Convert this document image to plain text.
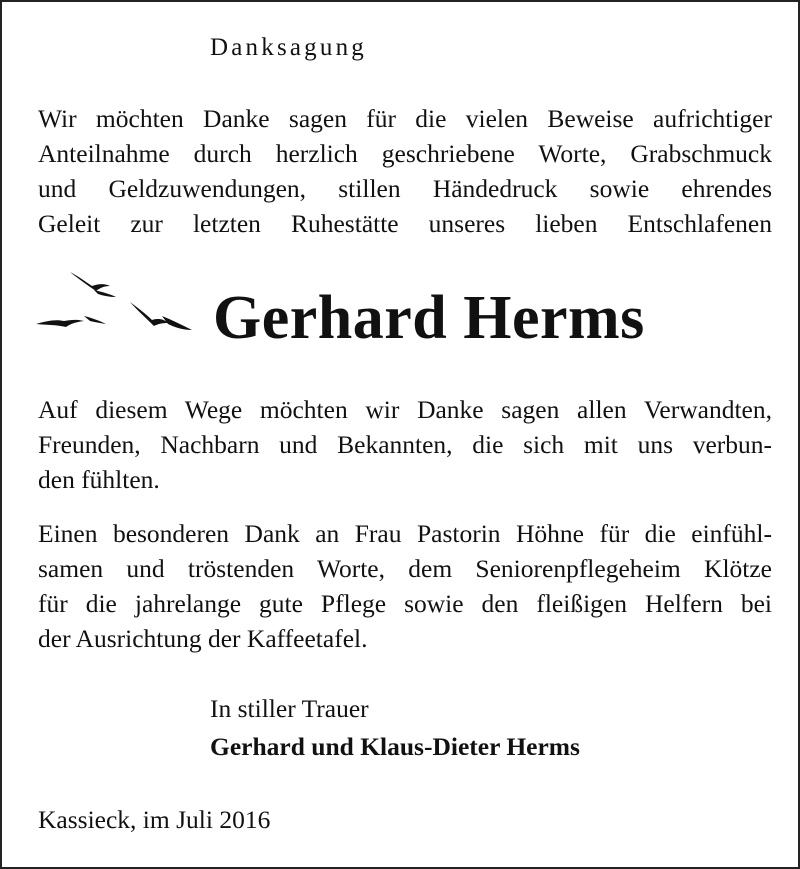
Danksagung
Wir möchten Danke sagen für die vielen Beweise aufrichtiger
Anteilnahme durch herzlich geschriebene Worte, Grabschmuck
und Geldzuwendungen, stillen Händedruck sowie ehrendes
Geleit zur letzten Ruhestätte unseres lieben Entschlafenen
Gerhard Herms
Auf diesem Wege möchten wir Danke sagen allen Verwandten,
Freunden, Nachbarn und Bekannten, die sich mit uns verbun-
den fühlten.
Einen besonderen Dank an Frau Pastorin Höhne für die einfühl-
samen und tröstenden Worte, dem Seniorenpflegeheim Klötze
für die jahrelange gute Pflege sowie den fleißigen Helfern bei
der Ausrichtung der Kaffeetafel.
In stiller Trauer
Gerhard und Klaus-Dieter Herms
Kassieck, im Juli 2016
